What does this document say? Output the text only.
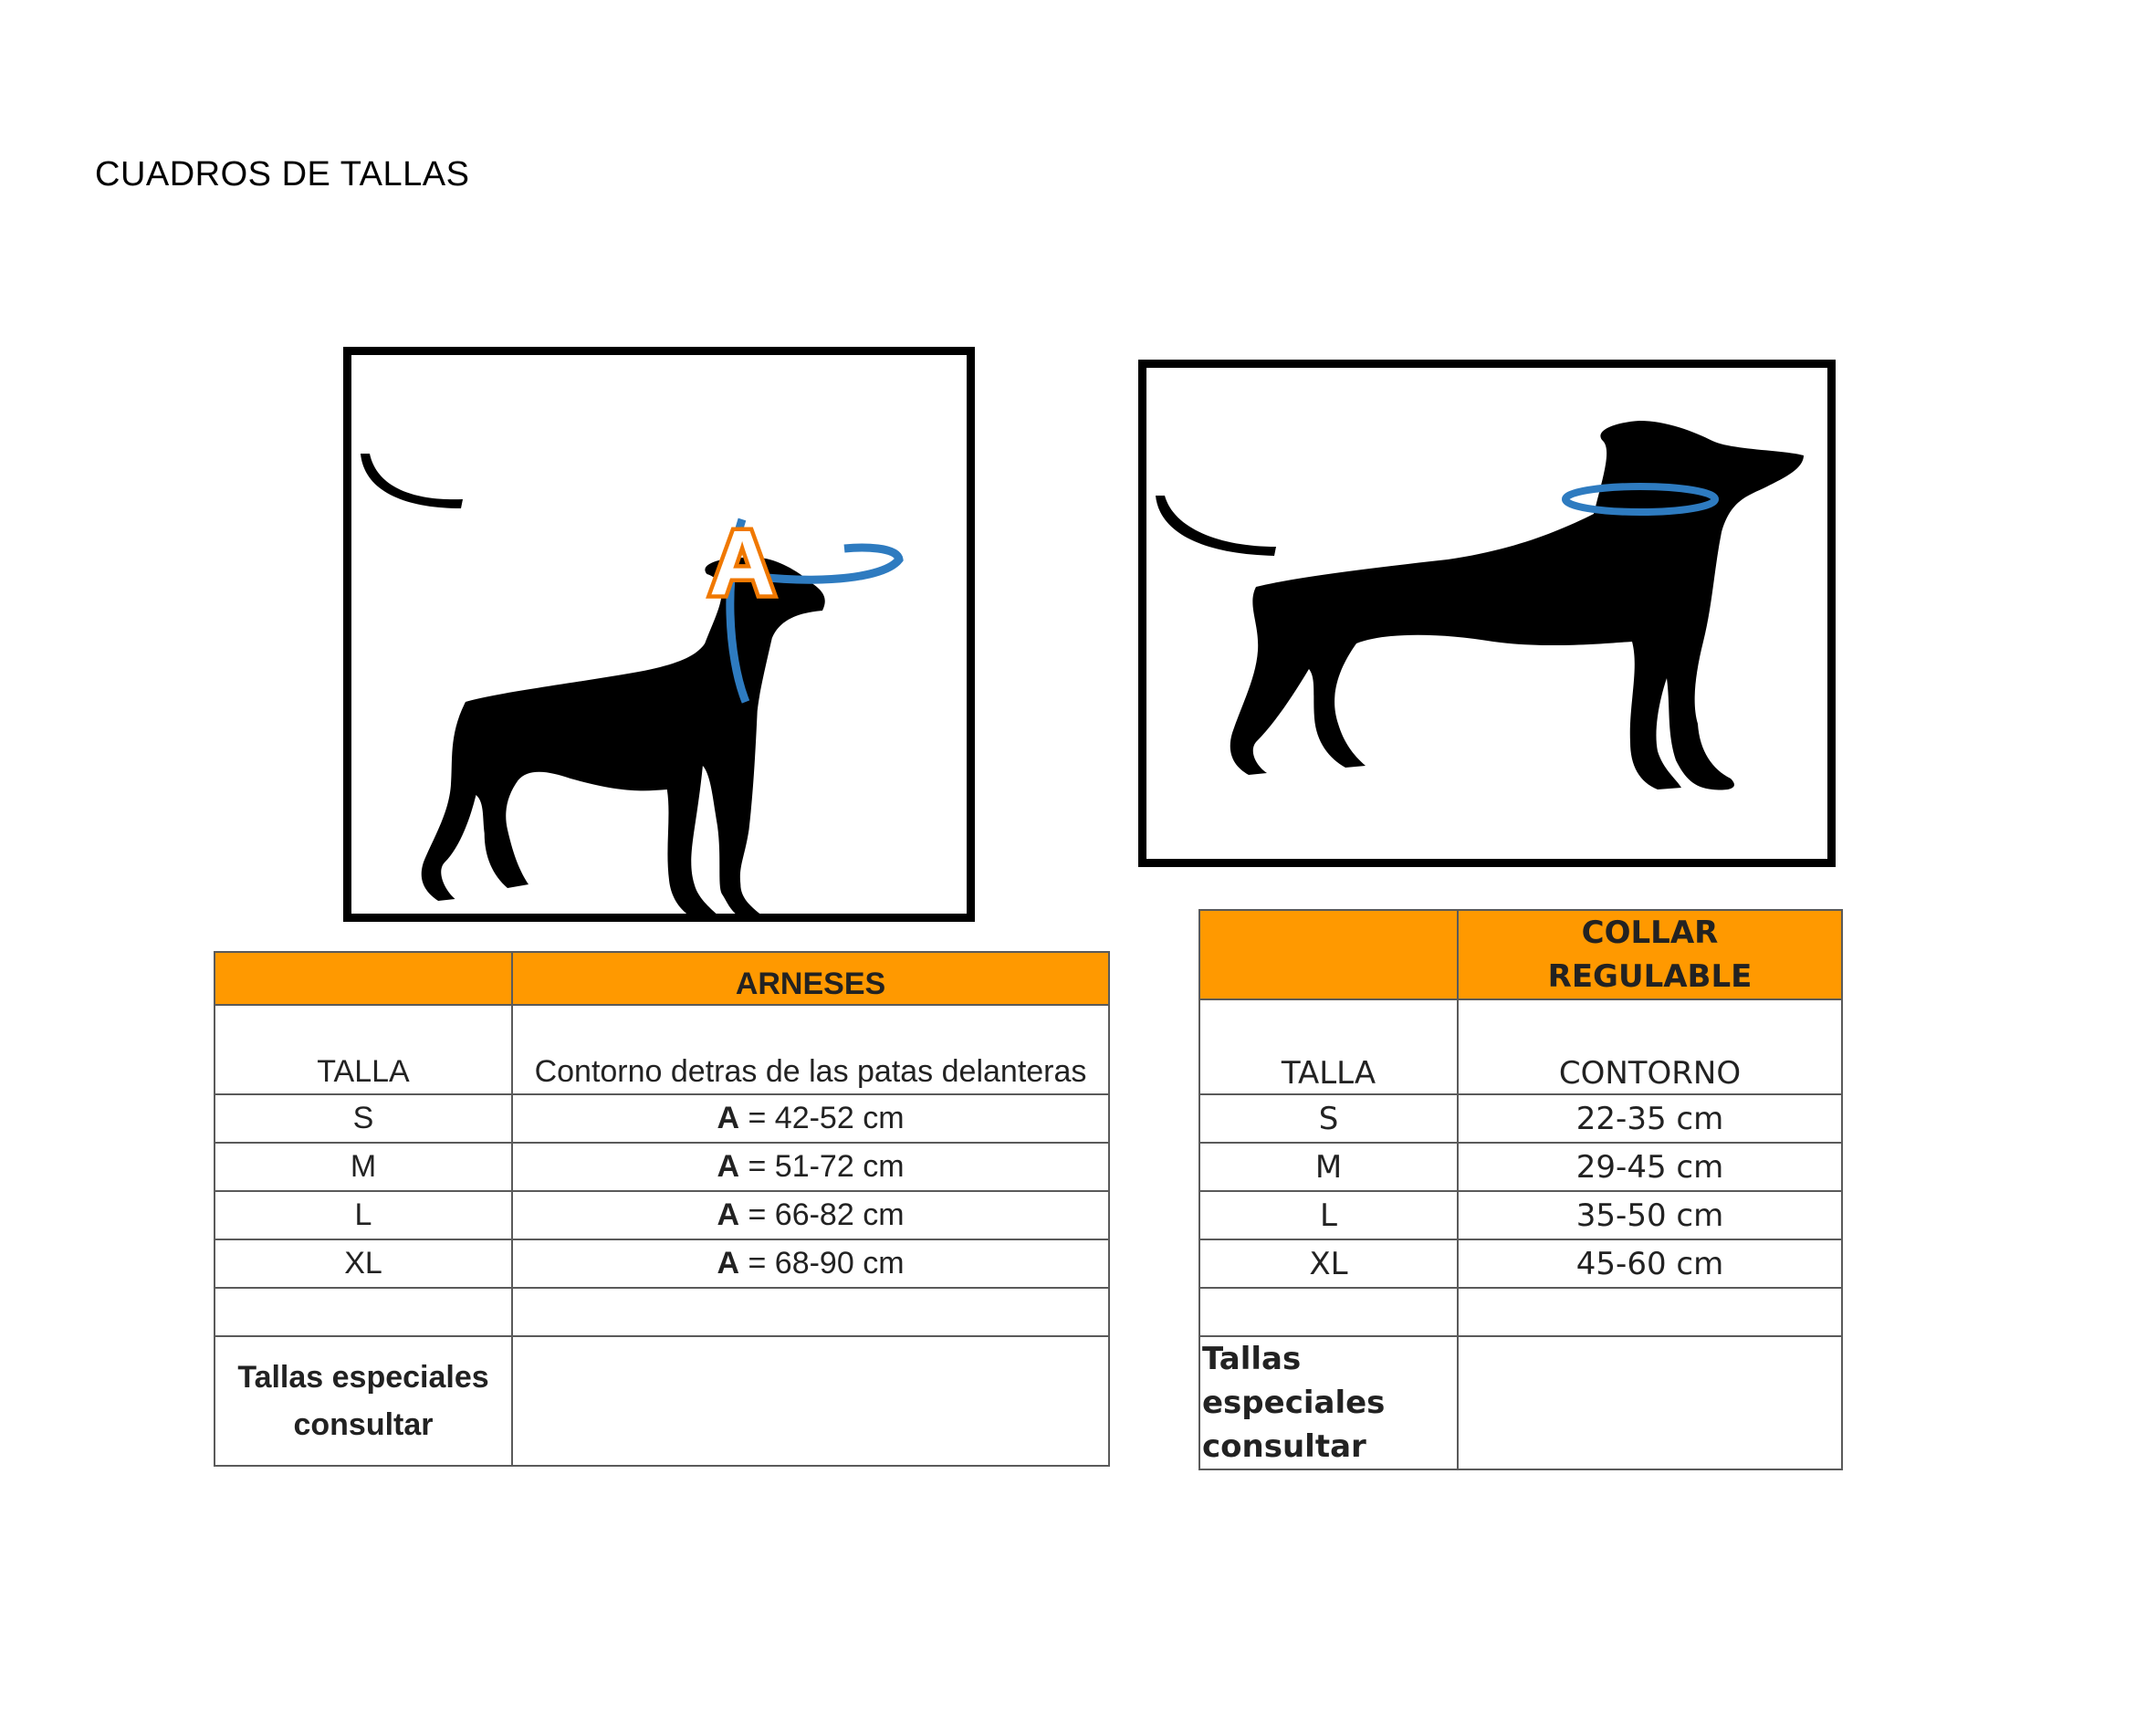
CUADROS DE TALLAS
A
	ARNESES
TALLA	Contorno detras de las patas delanteras
S	A = 42-52 cm
M	A = 51-72 cm
L	A = 66-82 cm
XL	A = 68-90 cm

Tallas especiales
consultar	

	COLLAR
REGULABLE

TALLA	CONTORNO
S	22-35 cm
M	29-45 cm
L	35-50 cm
XL	45-60 cm

Tallas
especiales
consultar	
